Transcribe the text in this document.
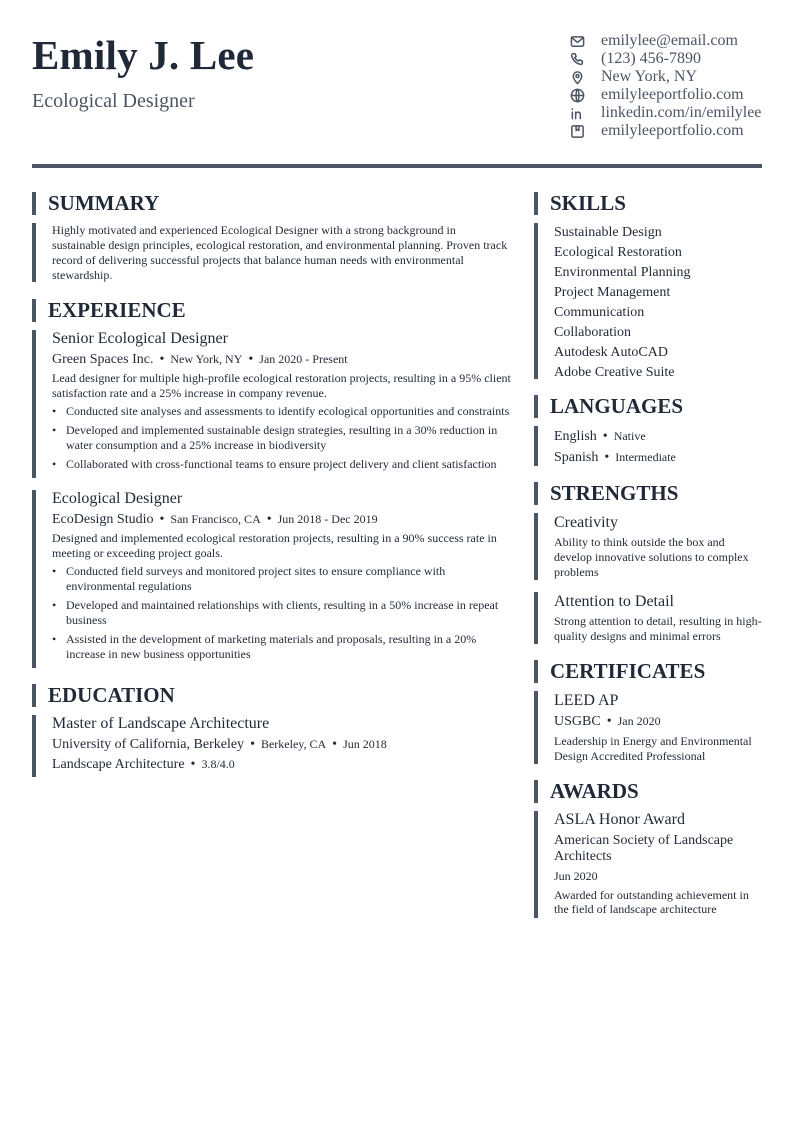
Emily J. Lee
Ecological Designer
emilylee@email.com
(123) 456-7890
New York, NY
emilyleeportfolio.com
linkedin.com/in/emilylee
emilyleeportfolio.com
SUMMARY
Highly motivated and experienced Ecological Designer with a strong background in sustainable design principles, ecological restoration, and environmental planning. Proven track record of delivering successful projects that balance human needs with environmental stewardship.
EXPERIENCE
Senior Ecological Designer
Green Spaces Inc. • New York, NY • Jan 2020 - Present
Lead designer for multiple high-profile ecological restoration projects, resulting in a 95% client satisfaction rate and a 25% increase in company revenue.
• Conducted site analyses and assessments to identify ecological opportunities and constraints
• Developed and implemented sustainable design strategies, resulting in a 30% reduction in water consumption and a 25% increase in biodiversity
• Collaborated with cross-functional teams to ensure project delivery and client satisfaction
Ecological Designer
EcoDesign Studio • San Francisco, CA • Jun 2018 - Dec 2019
Designed and implemented ecological restoration projects, resulting in a 90% success rate in meeting or exceeding project goals.
• Conducted field surveys and monitored project sites to ensure compliance with environmental regulations
• Developed and maintained relationships with clients, resulting in a 50% increase in repeat business
• Assisted in the development of marketing materials and proposals, resulting in a 20% increase in new business opportunities
EDUCATION
Master of Landscape Architecture
University of California, Berkeley • Berkeley, CA • Jun 2018
Landscape Architecture • 3.8/4.0
SKILLS
Sustainable Design
Ecological Restoration
Environmental Planning
Project Management
Communication
Collaboration
Autodesk AutoCAD
Adobe Creative Suite
LANGUAGES
English • Native
Spanish • Intermediate
STRENGTHS
Creativity
Ability to think outside the box and develop innovative solutions to complex problems
Attention to Detail
Strong attention to detail, resulting in high-quality designs and minimal errors
CERTIFICATES
LEED AP
USGBC • Jan 2020
Leadership in Energy and Environmental Design Accredited Professional
AWARDS
ASLA Honor Award
American Society of Landscape Architects
Jun 2020
Awarded for outstanding achievement in the field of landscape architecture
